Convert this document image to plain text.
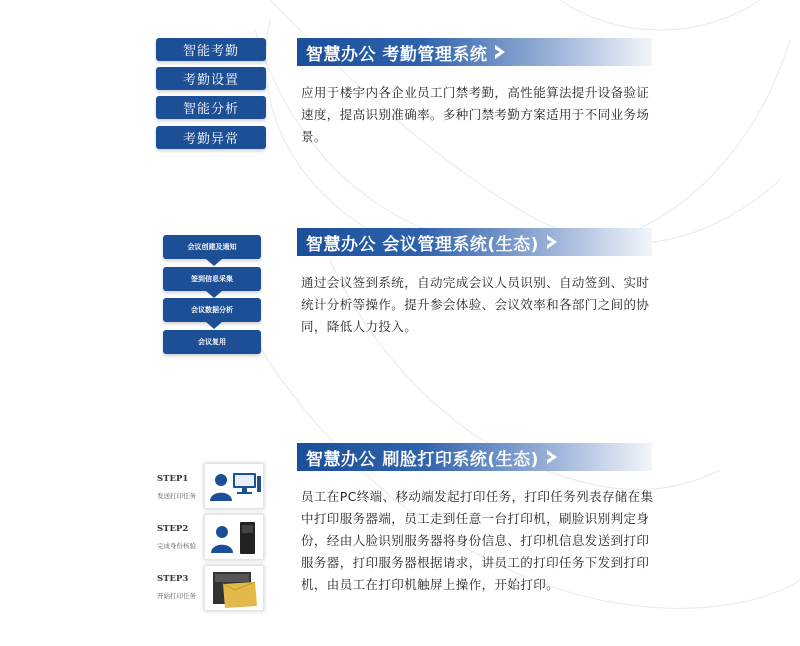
智能考勤
考勤设置
智能分析
考勤异常
智慧办公 考勤管理系统
应用于楼宇内各企业员工门禁考勤，高性能算法提升设备验证速度，提高识别准确率。多种门禁考勤方案适用于不同业务场景。
会议创建及通知
签到信息采集
会议数据分析
会议复用
智慧办公 会议管理系统(生态)
通过会议签到系统，自动完成会议人员识别、自动签到、实时统计分析等操作。提升参会体验、会议效率和各部门之间的协同，降低人力投入。
智慧办公 刷脸打印系统(生态)
员工在PC终端、移动端发起打印任务，打印任务列表存储在集中打印服务器端，员工走到任意一台打印机，刷脸识别判定身份，经由人脸识别服务器将身份信息、打印机信息发送到打印服务器，打印服务器根据请求，讲员工的打印任务下发到打印机，由员工在打印机触屏上操作，开始打印。
STEP1
发送打印任务
STEP2
完成身份核验
STEP3
开始打印任务
